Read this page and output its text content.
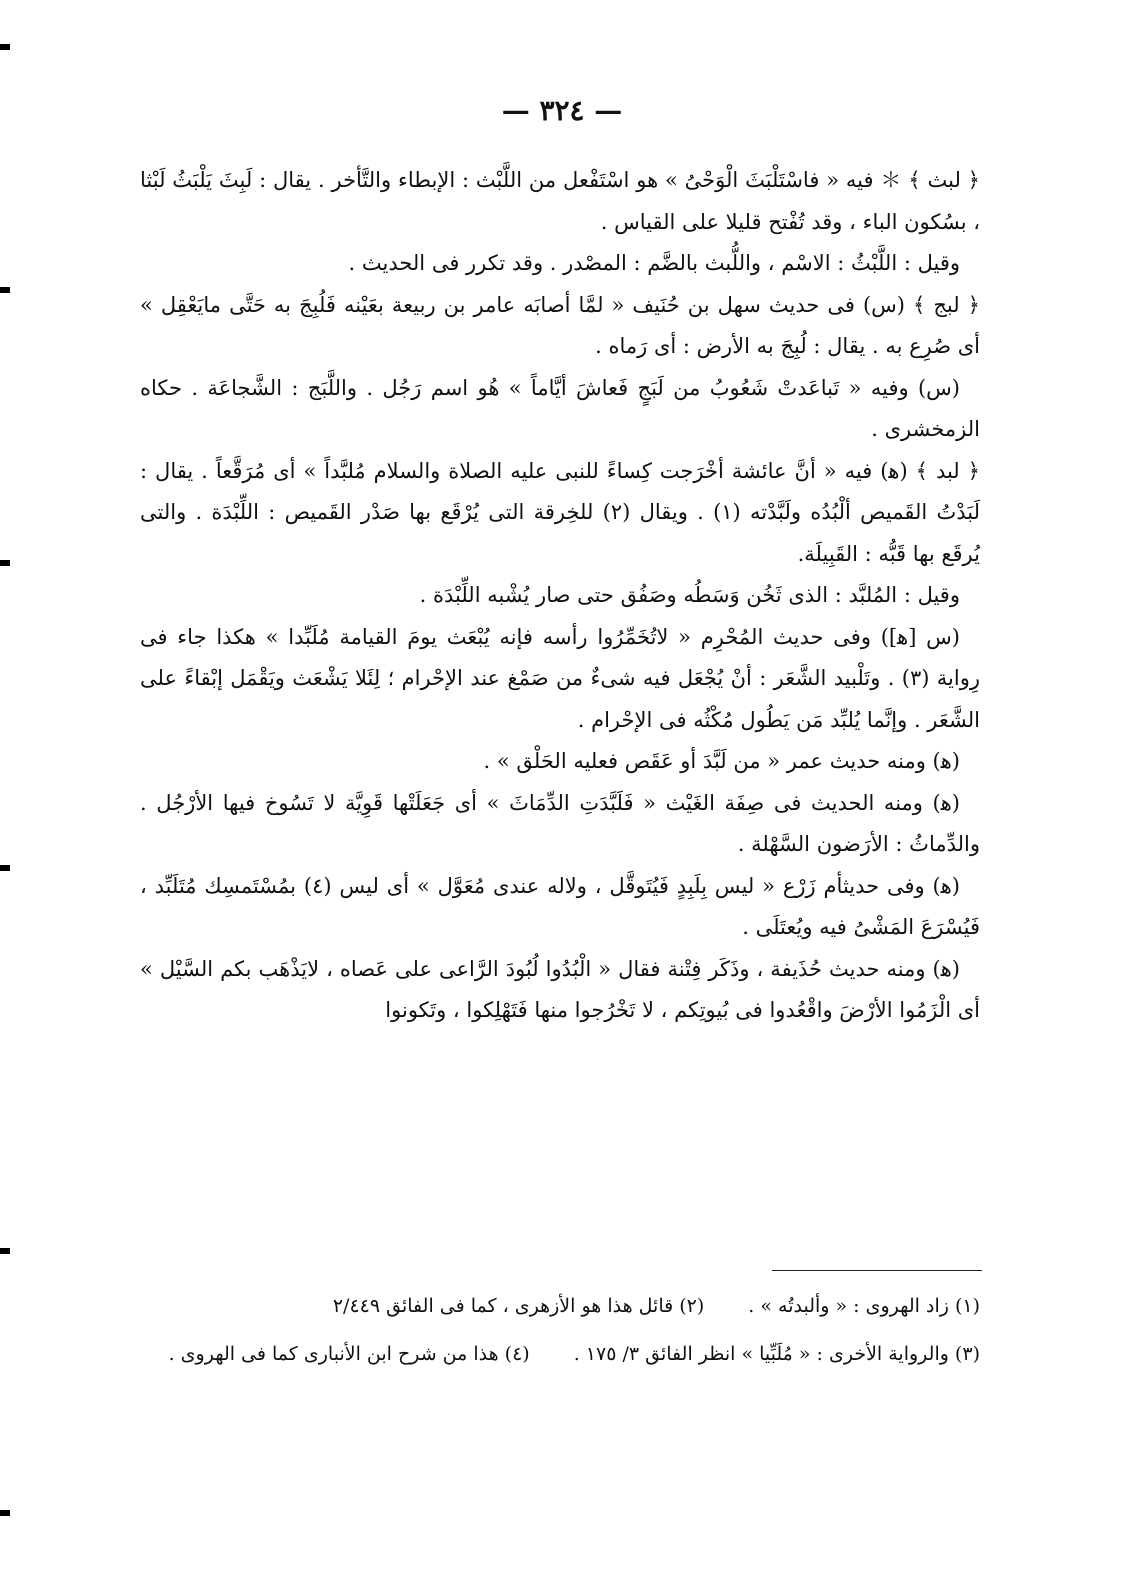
— ٣٢٤ —

﴿ لبث ﴾ ＊ فيه « فاسْتَلْبَثَ الْوَحْىُ » هو اسْتَفْعل من اللَّبْث : الإبطاء والتَّأخر . يقال : لَبِثَ يَلْبَثُ لَبْثا ، بسُكون الباء ، وقد تُفْتح قليلا على القياس .

وقيل : اللَّبْثُ : الاسْم ، واللُّبث بالضَّم : المصْدر . وقد تكرر فى الحديث .

﴿ لبج ﴾ (س) فى حديث سهل بن حُنَيف « لمَّا أصابَه عامر بن ربيعة بعَيْنه فَلُبِجَ به حَتَّى مايَعْقِل » أى صُرِع به . يقال : لُبِجَ به الأرض : أى رَماه .

(س) وفيه « تَباعَدتْ شَعُوبُ من لَبَجٍ فَعاشَ أيَّاماً » هُو اسم رَجُل . واللَّبَج : الشَّجاعَة . حكاه الزمخشرى .

﴿ لبد ﴾ (ﻫ) فيه « أنَّ عائشة أخْرَجت كِساءً للنبى عليه الصلاة والسلام مُلبَّداً » أى مُرَقَّعاً . يقال : لَبَدْتُ القَميص ألْبُدُه ولَبَّدْته (١) . ويقال (٢) للخِرقة التى يُرْقَع بها صَدْر القَميص : اللِّبْدَة . والتى يُرقَع بها قَبُّه : القَبِيلَة.

وقيل : المُلبَّد : الذى ثَخُن وَسَطُه وصَفُق حتى صار يُشْبه اللِّبْدَة .

(س [ﻫ]) وفى حديث المُحْرِم « لاتُخَمِّرُوا رأسه فإنه يُبْعَث يومَ القيامة مُلَبِّدا » هكذا جاء فى رِواية (٣) . وتَلْبيد الشَّعَر : أنْ يُجْعَل فيه شىءٌ من صَمْغ عند الإحْرام ؛ لِئَلا يَشْعَث ويَقْمَل إبْقاءً على الشَّعَر . وإنَّما يُلبِّد مَن يَطُول مُكْثُه فى الإحْرام .

(ﻫ) ومنه حديث عمر « من لَبَّدَ أو عَقَص فعليه الحَلْق » .

(ﻫ) ومنه الحديث فى صِفَة الغَيْث « فَلَبَّدَتِ الدِّمَاثَ » أى جَعَلَتْها قَوِيَّة لا تَسُوخ فيها الأرْجُل . والدِّماثُ : الأرَضون السَّهْلة .

(ﻫ) وفى حديثأم زَرْع « ليس بِلَبِدٍ فَيُتَوقَّل ، ولاله عندى مُعَوَّل » أى ليس (٤) بمُسْتَمسِك مُتَلَبِّد ، فَيُسْرَعَ المَشْىُ فيه ويُعتَلَى .

(ﻫ) ومنه حديث حُذَيفة ، وذَكَر فِتْنة فقال « الْبُدُوا لُبُودَ الرَّاعى على عَصاه ، لايَذْهَب بكم السَّيْل » أى الْزَمُوا الأرْضَ واقْعُدوا فى بُيوتِكم ، لا تَخْرُجوا منها فَتَهْلِكوا ، وتَكونوا

(١) زاد الهروى : « وألبدتُه » .(٢) قائل هذا هو الأزهرى ، كما فى الفائق ٢/٤٤٩

(٣) والرواية الأخرى : « مُلَبِّيا » انظر الفائق ٣/ ١٧٥ .(٤) هذا من شرح ابن الأنبارى كما فى الهروى .
